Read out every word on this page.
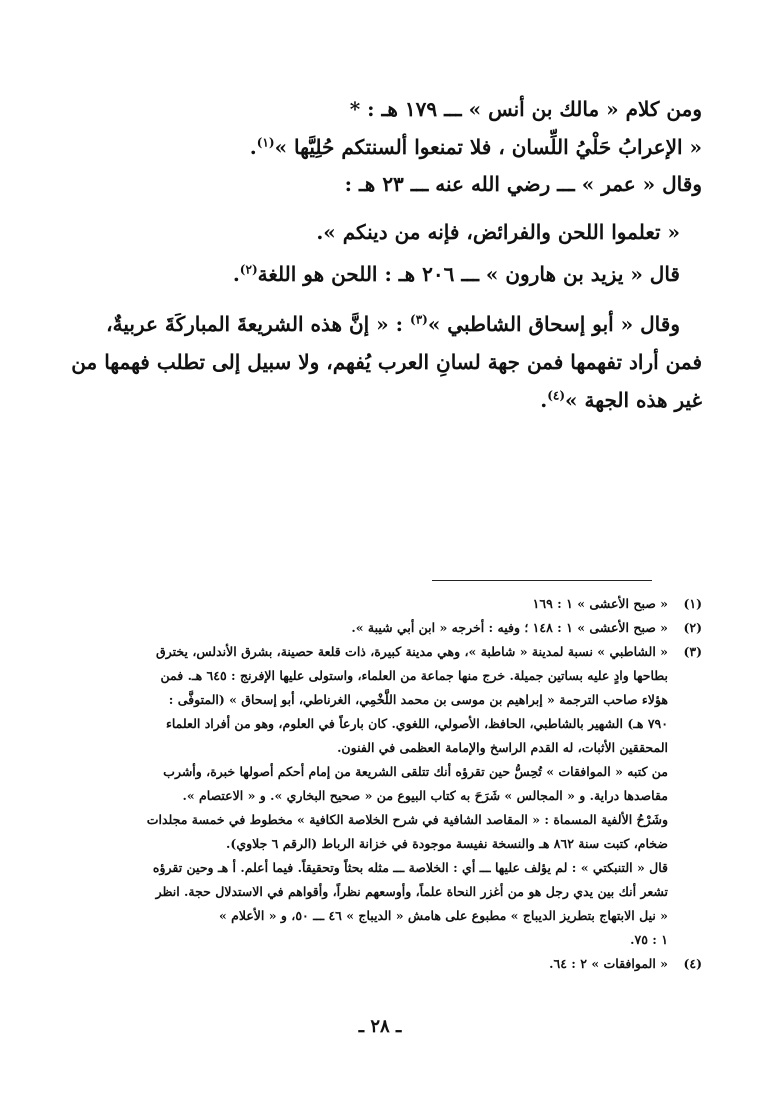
ومن كلام « مالك بن أنس » ـــ ١٧٩ هـ : *
« الإعرابُ حَلْيُ اللِّسان ، فلا تمنعوا ألسنتكم حُلِيَّها »$^{(١)}$.
وقال « عمر » ـــ رضي الله عنه ـــ ٢٣ هـ :
« تعلموا اللحن والفرائض، فإنه من دينكم ».
قال « يزيد بن هارون » ـــ ٢٠٦ هـ : اللحن هو اللغة$^{(٢)}$.
وقال « أبو إسحاق الشاطبي »$^{(٣)}$ : « إنَّ هذه الشريعةَ المباركَةَ عربيةٌ،
فمن أراد تفهمها فمن جهة لسانِ العرب يُفهم، ولا سبيل إلى تطلب فهمها من
غير هذه الجهة »$^{(٤)}$.
(١)

« صبح الأعشى » ١ : ١٦٩

(٢)

« صبح الأعشى » ١ : ١٤٨ ؛ وفيه : أخرجه « ابن أبي شيبة ».

(٣)

« الشاطبي » نسبة لمدينة « شاطبة »، وهي مدينة كبيرة، ذات قلعة حصينة، بشرق الأندلس، يخترق

بطاحها وادٍ عليه بساتين جميلة. خرج منها جماعة من العلماء، واستولى عليها الإفرنج : ٦٤٥ هـ. فمن

هؤلاء صاحب الترجمة « إبراهيم بن موسى بن محمد اللَّخْمِي، الغرناطي، أبو إسحاق » (المتوفَّى :

٧٩٠ هـ) الشهير بالشاطبي، الحافظ، الأصولي، اللغوي. كان بارعاً في العلوم، وهو من أفراد العلماء

المحققين الأثبات، له القدم الراسخ والإمامة العظمى في الفنون.

من كتبه « الموافقات » تُحِسُّ حين تقرؤه أنك تتلقى الشريعة من إمام أحكم أصولها خبرة، وأشرب

مقاصدها دراية. و « المجالس » شَرَحَ به كتاب البيوع من « صحيح البخاري ». و « الاعتصام ».

وشَرْحُ الألفية المسماة : « المقاصد الشافية في شرح الخلاصة الكافية » مخطوط في خمسة مجلدات

ضخام، كتبت سنة ٨٦٢ هـ والنسخة نفيسة موجودة في خزانة الرباط (الرقم ٦ جلاوي).

قال « التنبكتي » : لم يؤلف عليها ـــ أي : الخلاصة ـــ مثله بحثاً وتحقيقاً. فيما أعلم. أ هـ وحين تقرؤه

تشعر أنك بين يدي رجل هو من أغزر النحاة علماً، وأوسعهم نظراً، وأقواهم في الاستدلال حجة. انظر

« نيل الابتهاج بتطريز الديباج » مطبوع على هامش « الديباج » ٤٦ ـــ ٥٠، و « الأعلام »

١ : ٧٥.

(٤)

« الموافقات » ٢ : ٦٤.

ـ ٢٨ ـ
